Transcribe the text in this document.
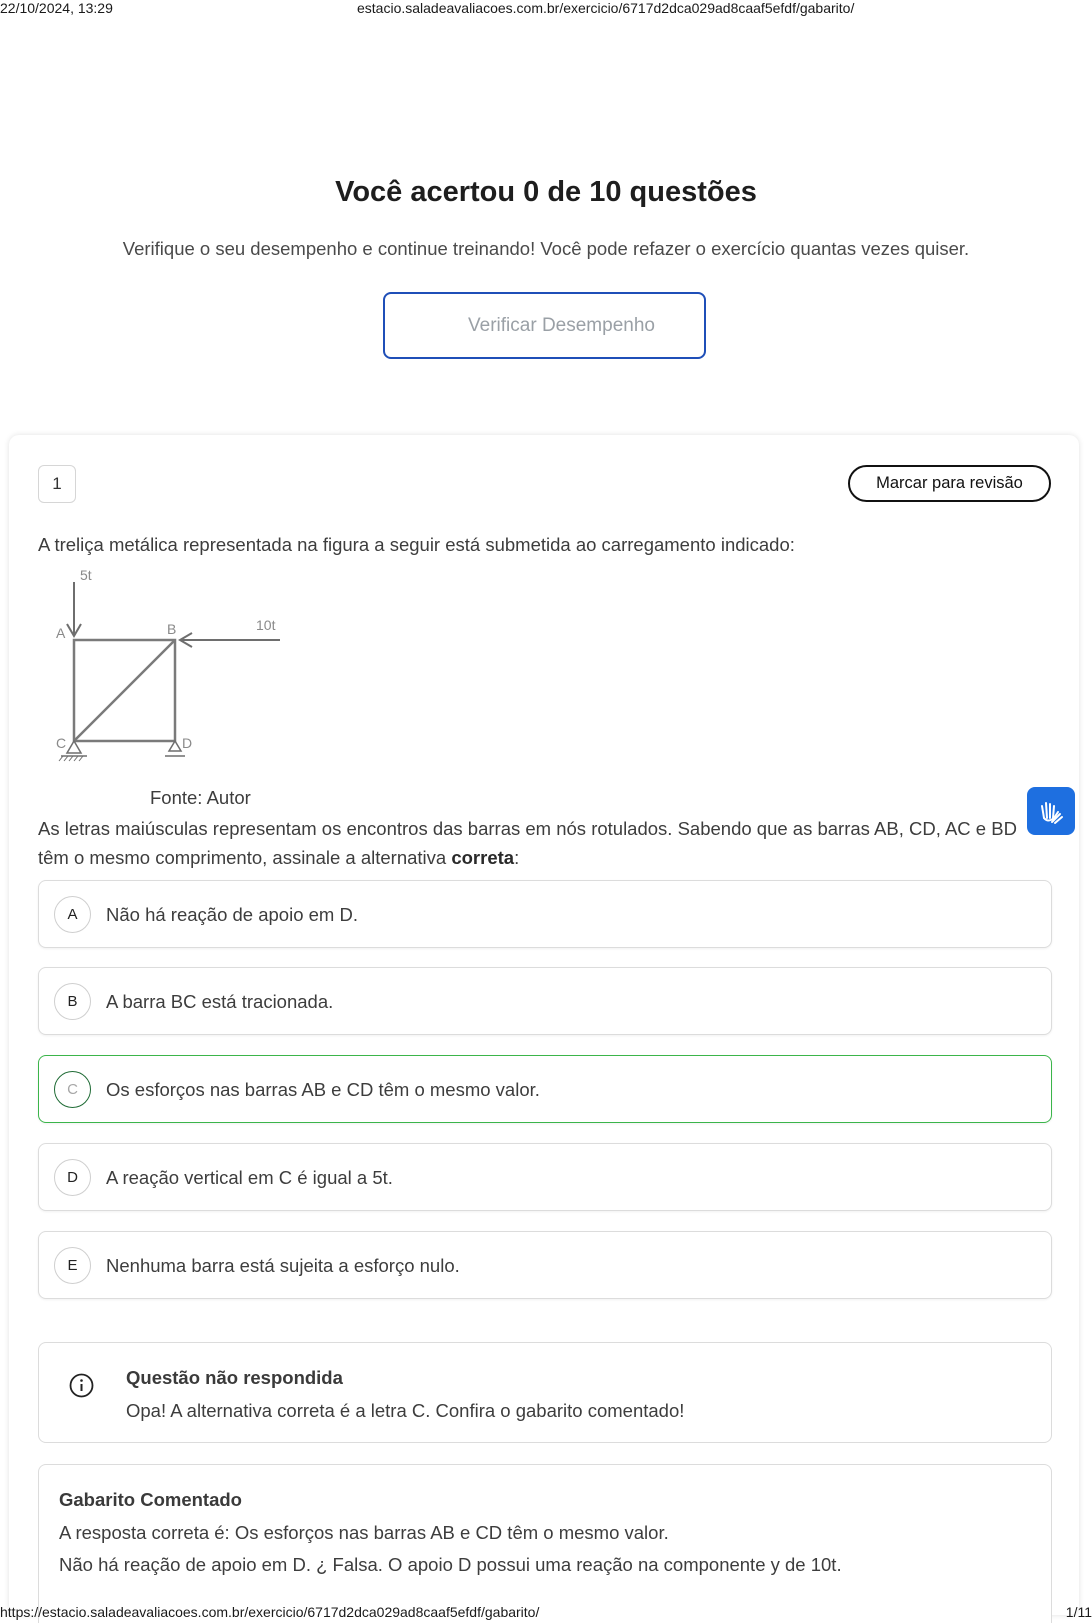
22/10/2024, 13:29	estacio.saladeavaliacoes.com.br/exercicio/6717d2dca029ad8caaf5efdf/gabarito/
Você acertou 0 de 10 questões

Verifique o seu desempenho e continue treinando! Você pode refazer o exercício quantas vezes quiser.

Verificar Desempenho
1	Marcar para revisão

A treliça metálica representada na figura a seguir está submetida ao carregamento indicado:

5t
10t
A	B
C	D

Fonte: Autor

As letras maiúsculas representam os encontros das barras em nós rotulados. Sabendo que as barras AB, CD, AC e BD têm o mesmo comprimento, assinale a alternativa correta:

A	Não há reação de apoio em D.
B	A barra BC está tracionada.
C	Os esforços nas barras AB e CD têm o mesmo valor.
D	A reação vertical em C é igual a 5t.
E	Nenhuma barra está sujeita a esforço nulo.
Questão não respondida
Opa! A alternativa correta é a letra C. Confira o gabarito comentado!
Gabarito Comentado
A resposta correta é: Os esforços nas barras AB e CD têm o mesmo valor.
Não há reação de apoio em D. ¿ Falsa. O apoio D possui uma reação na componente y de 10t.
https://estacio.saladeavaliacoes.com.br/exercicio/6717d2dca029ad8caaf5efdf/gabarito/	1/11
